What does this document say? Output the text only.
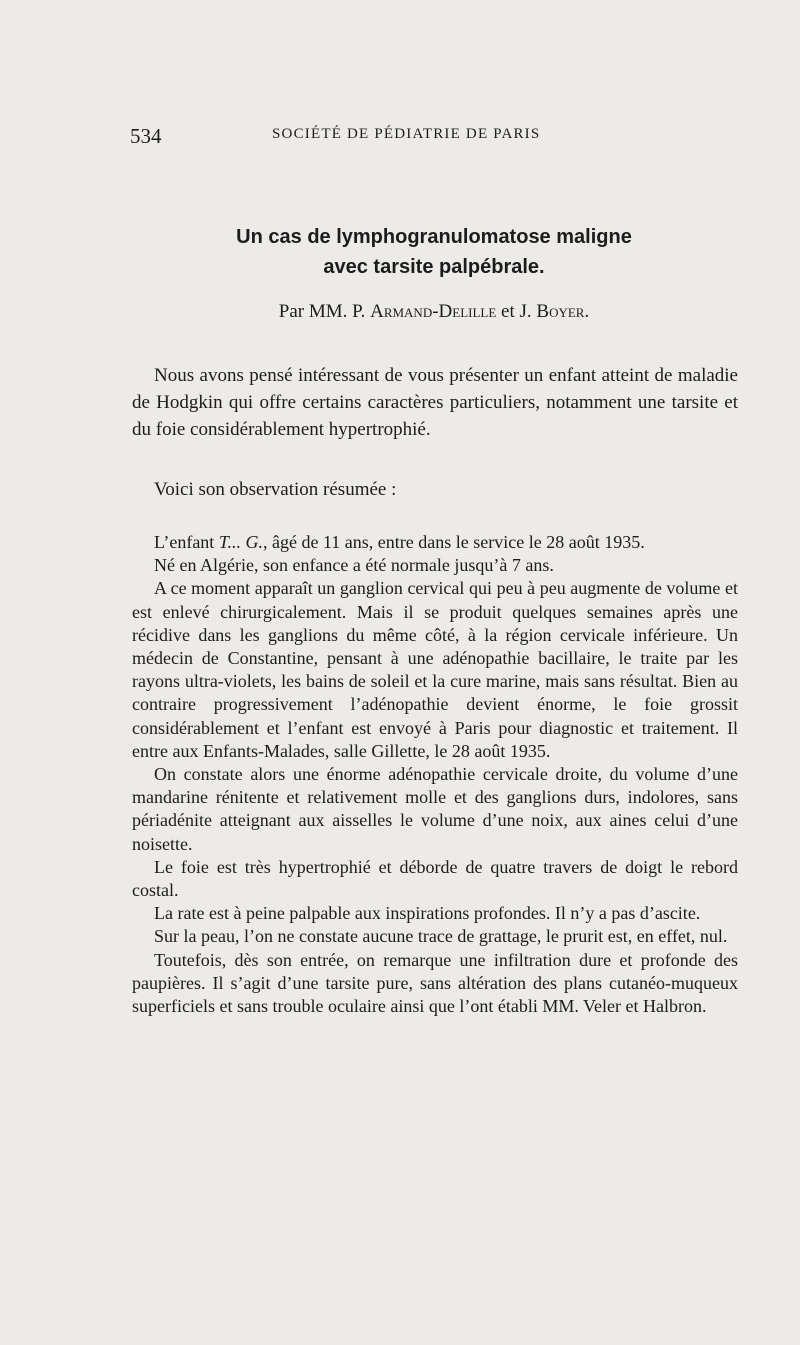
534	SOCIÉTÉ DE PÉDIATRIE DE PARIS
Un cas de lymphogranulomatose maligne
avec tarsite palpébrale.
Par MM. P. Armand-Delille et J. Boyer.

Nous avons pensé intéressant de vous présenter un enfant atteint de maladie de Hodgkin qui offre certains caractères particuliers, notamment une tarsite et du foie considérablement hypertrophié.

Voici son observation résumée :

L’enfant T... G., âgé de 11 ans, entre dans le service le 28 août 1935.

Né en Algérie, son enfance a été normale jusqu’à 7 ans.

A ce moment apparaît un ganglion cervical qui peu à peu augmente de volume et est enlevé chirurgicalement. Mais il se produit quelques semaines après une récidive dans les ganglions du même côté, à la région cervicale inférieure. Un médecin de Constantine, pensant à une adénopathie bacillaire, le traite par les rayons ultra-violets, les bains de soleil et la cure marine, mais sans résultat. Bien au contraire progressivement l’adénopathie devient énorme, le foie grossit considérablement et l’enfant est envoyé à Paris pour diagnostic et traitement. Il entre aux Enfants-Malades, salle Gillette, le 28 août 1935.

On constate alors une énorme adénopathie cervicale droite, du volume d’une mandarine rénitente et relativement molle et des ganglions durs, indolores, sans périadénite atteignant aux aisselles le volume d’une noix, aux aines celui d’une noisette.

Le foie est très hypertrophié et déborde de quatre travers de doigt le rebord costal.

La rate est à peine palpable aux inspirations profondes. Il n’y a pas d’ascite.

Sur la peau, l’on ne constate aucune trace de grattage, le prurit est, en effet, nul.

Toutefois, dès son entrée, on remarque une infiltration dure et profonde des paupières. Il s’agit d’une tarsite pure, sans altération des plans cutanéo-muqueux superficiels et sans trouble oculaire ainsi que l’ont établi MM. Veler et Halbron.
